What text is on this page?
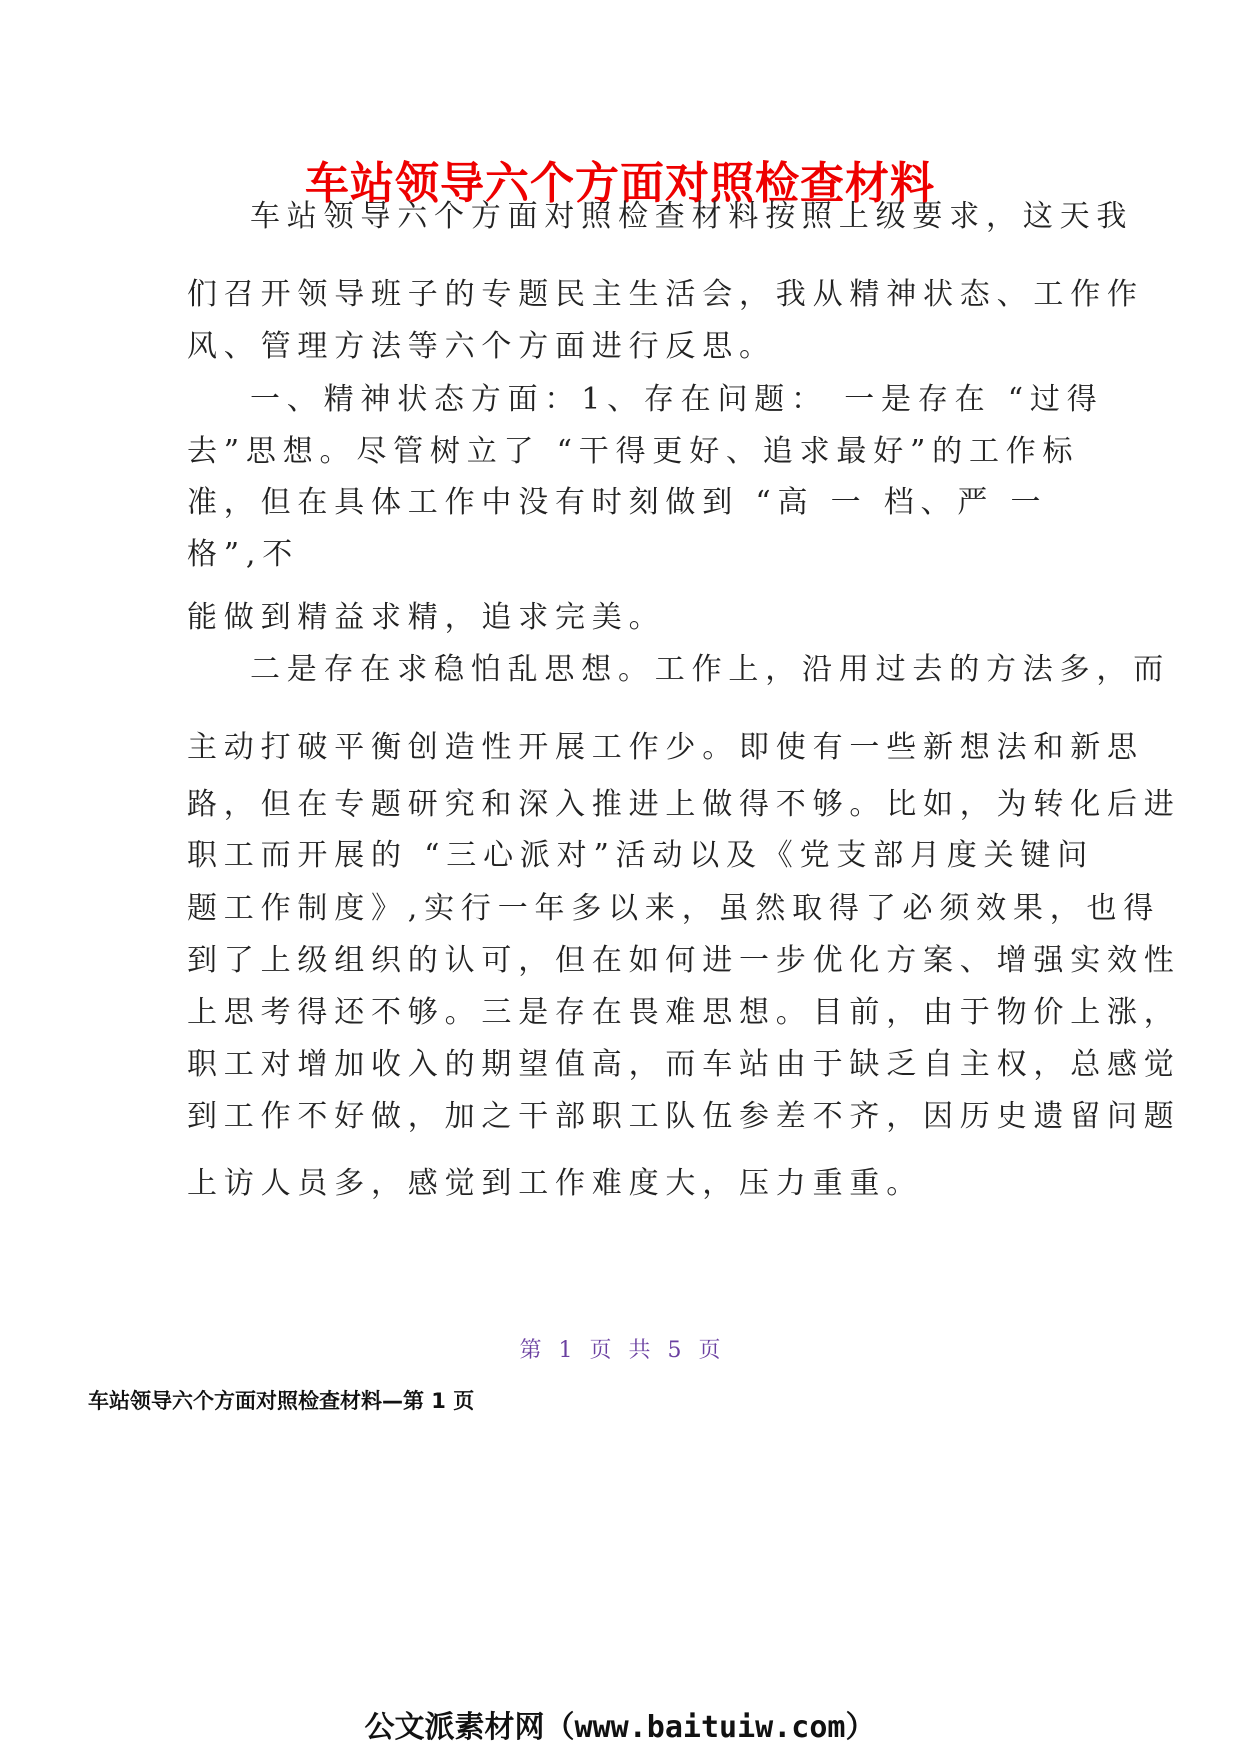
车站领导六个方面对照检查材料
车站领导六个方面对照检查材料按照上级要求，这天我
们召开领导班子的专题民主生活会，我从精神状态、工作作
风、管理方法等六个方面进行反思。
一、精神状态方面：1、存在问题： 一是存在 “过得
去”思想。尽管树立了 “干得更好、追求最好”的工作标
准，但在具体工作中没有时刻做到 “高 一 档、严 一
格”,不
能做到精益求精，追求完美。
二是存在求稳怕乱思想。工作上，沿用过去的方法多，而
主动打破平衡创造性开展工作少。即使有一些新想法和新思
路，但在专题研究和深入推进上做得不够。比如，为转化后进
职工而开展的 “三心派对”活动以及《党支部月度关键问
题工作制度》,实行一年多以来，虽然取得了必须效果，也得
到了上级组织的认可，但在如何进一步优化方案、增强实效性
上思考得还不够。三是存在畏难思想。目前，由于物价上涨，
职工对增加收入的期望值高，而车站由于缺乏自主权，总感觉
到工作不好做，加之干部职工队伍参差不齐，因历史遗留问题
上访人员多，感觉到工作难度大，压力重重。
第 1 页 共 5 页
车站领导六个方面对照检查材料—第 1 页
公文派素材网（www.baituiw.com）
